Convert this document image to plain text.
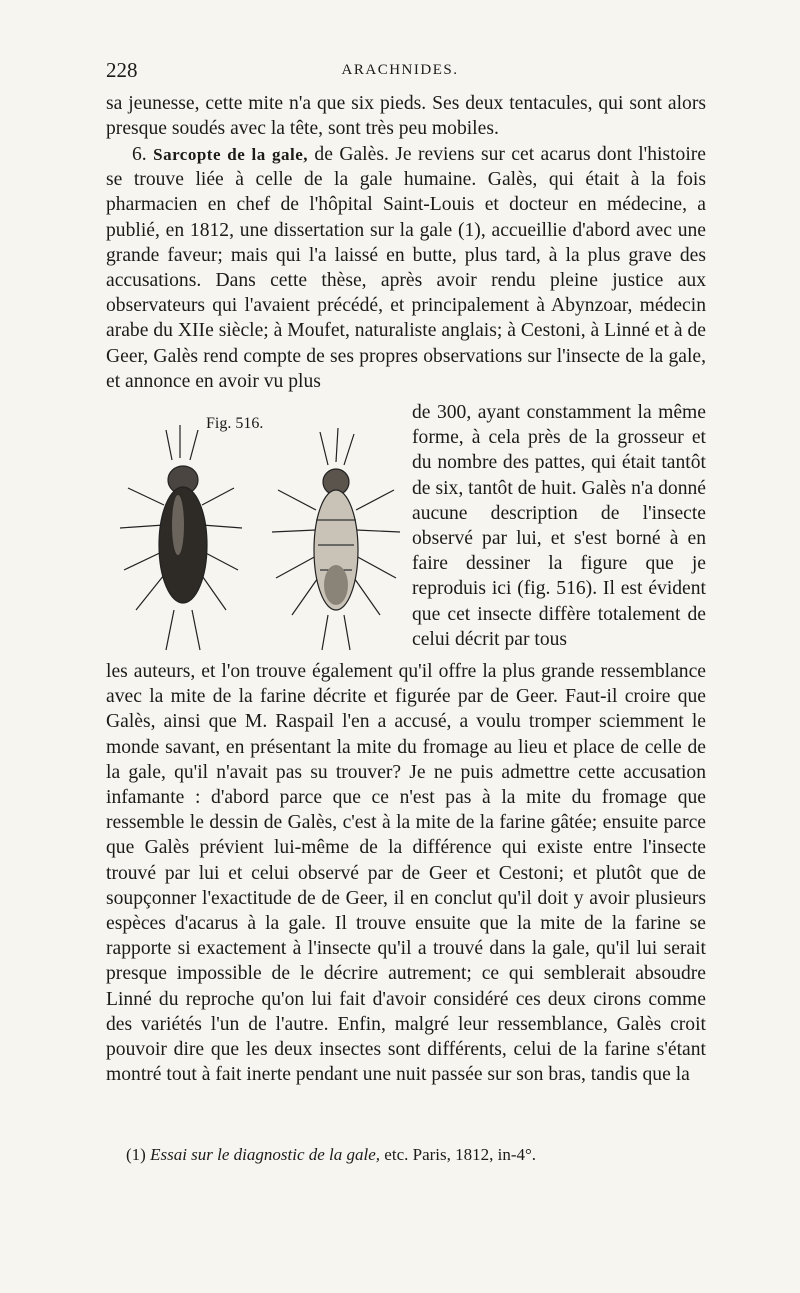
228	ARACHNIDES.

sa jeunesse, cette mite n'a que six pieds. Ses deux tentacules, qui sont alors presque soudés avec la tête, sont très peu mobiles.

6. Sarcopte de la gale, de Galès. Je reviens sur cet acarus dont l'histoire se trouve liée à celle de la gale humaine. Galès, qui était à la fois pharmacien en chef de l'hôpital Saint-Louis et docteur en médecine, a publié, en 1812, une dissertation sur la gale (1), accueillie d'abord avec une grande faveur; mais qui l'a laissé en butte, plus tard, à la plus grave des accusations. Dans cette thèse, après avoir rendu pleine justice aux observateurs qui l'avaient précédé, et principalement à Abynzoar, médecin arabe du XIIe siècle; à Moufet, naturaliste anglais; à Cestoni, à Linné et à de Geer, Galès rend compte de ses propres observations sur l'insecte de la gale, et annonce en avoir vu plus

Fig. 516.

de 300, ayant constamment la même forme, à cela près de la grosseur et du nombre des pattes, qui était tantôt de six, tantôt de huit. Galès n'a donné aucune description de l'insecte observé par lui, et s'est borné à en faire dessiner la figure que je reproduis ici (fig. 516). Il est évident que cet insecte diffère totalement de celui décrit par tous

les auteurs, et l'on trouve également qu'il offre la plus grande ressemblance avec la mite de la farine décrite et figurée par de Geer. Faut-il croire que Galès, ainsi que M. Raspail l'en a accusé, a voulu tromper sciemment le monde savant, en présentant la mite du fromage au lieu et place de celle de la gale, qu'il n'avait pas su trouver? Je ne puis admettre cette accusation infamante : d'abord parce que ce n'est pas à la mite du fromage que ressemble le dessin de Galès, c'est à la mite de la farine gâtée; ensuite parce que Galès prévient lui-même de la différence qui existe entre l'insecte trouvé par lui et celui observé par de Geer et Cestoni; et plutôt que de soupçonner l'exactitude de de Geer, il en conclut qu'il doit y avoir plusieurs espèces d'acarus à la gale. Il trouve ensuite que la mite de la farine se rapporte si exactement à l'insecte qu'il a trouvé dans la gale, qu'il lui serait presque impossible de le décrire autrement; ce qui semblerait absoudre Linné du reproche qu'on lui fait d'avoir considéré ces deux cirons comme des variétés l'un de l'autre. Enfin, malgré leur ressemblance, Galès croit pouvoir dire que les deux insectes sont différents, celui de la farine s'étant montré tout à fait inerte pendant une nuit passée sur son bras, tandis que la

(1) Essai sur le diagnostic de la gale, etc. Paris, 1812, in-4°.
